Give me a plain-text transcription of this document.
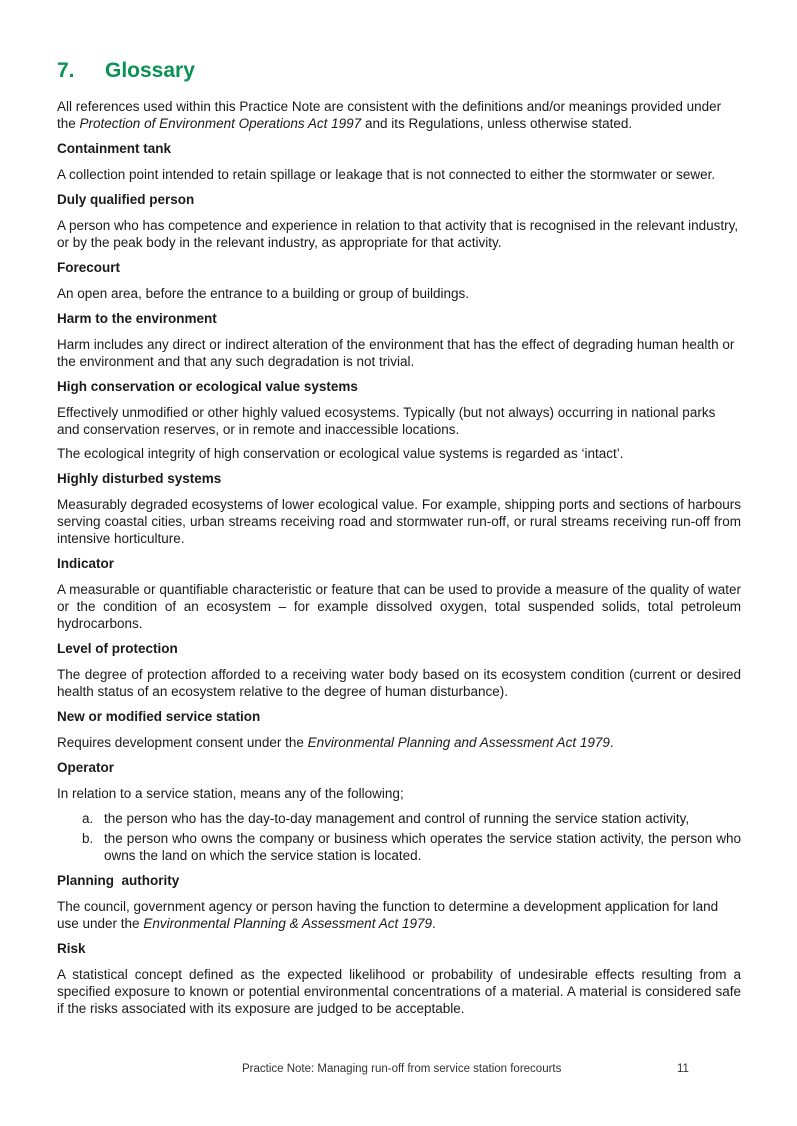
7. Glossary

All references used within this Practice Note are consistent with the definitions and/or meanings provided under the Protection of Environment Operations Act 1997 and its Regulations, unless otherwise stated.

Containment tank

A collection point intended to retain spillage or leakage that is not connected to either the stormwater or sewer.

Duly qualified person

A person who has competence and experience in relation to that activity that is recognised in the relevant industry, or by the peak body in the relevant industry, as appropriate for that activity.

Forecourt

An open area, before the entrance to a building or group of buildings.

Harm to the environment

Harm includes any direct or indirect alteration of the environment that has the effect of degrading human health or the environment and that any such degradation is not trivial.

High conservation or ecological value systems

Effectively unmodified or other highly valued ecosystems. Typically (but not always) occurring in national parks and conservation reserves, or in remote and inaccessible locations.

The ecological integrity of high conservation or ecological value systems is regarded as ‘intact’.

Highly disturbed systems

Measurably degraded ecosystems of lower ecological value. For example, shipping ports and sections of harbours serving coastal cities, urban streams receiving road and stormwater run-off, or rural streams receiving run-off from intensive horticulture.

Indicator

A measurable or quantifiable characteristic or feature that can be used to provide a measure of the quality of water or the condition of an ecosystem – for example dissolved oxygen, total suspended solids, total petroleum hydrocarbons.

Level of protection

The degree of protection afforded to a receiving water body based on its ecosystem condition (current or desired health status of an ecosystem relative to the degree of human disturbance).

New or modified service station

Requires development consent under the Environmental Planning and Assessment Act 1979.

Operator

In relation to a service station, means any of the following;

a. the person who has the day-to-day management and control of running the service station activity,
b. the person who owns the company or business which operates the service station activity, the person who owns the land on which the service station is located.

Planning  authority

The council, government agency or person having the function to determine a development application for land use under the Environmental Planning & Assessment Act 1979.

Risk

A statistical concept defined as the expected likelihood or probability of undesirable effects resulting from a specified exposure to known or potential environmental concentrations of a material. A material is considered safe if the risks associated with its exposure are judged to be acceptable.

Practice Note: Managing run-off from service station forecourts	11
